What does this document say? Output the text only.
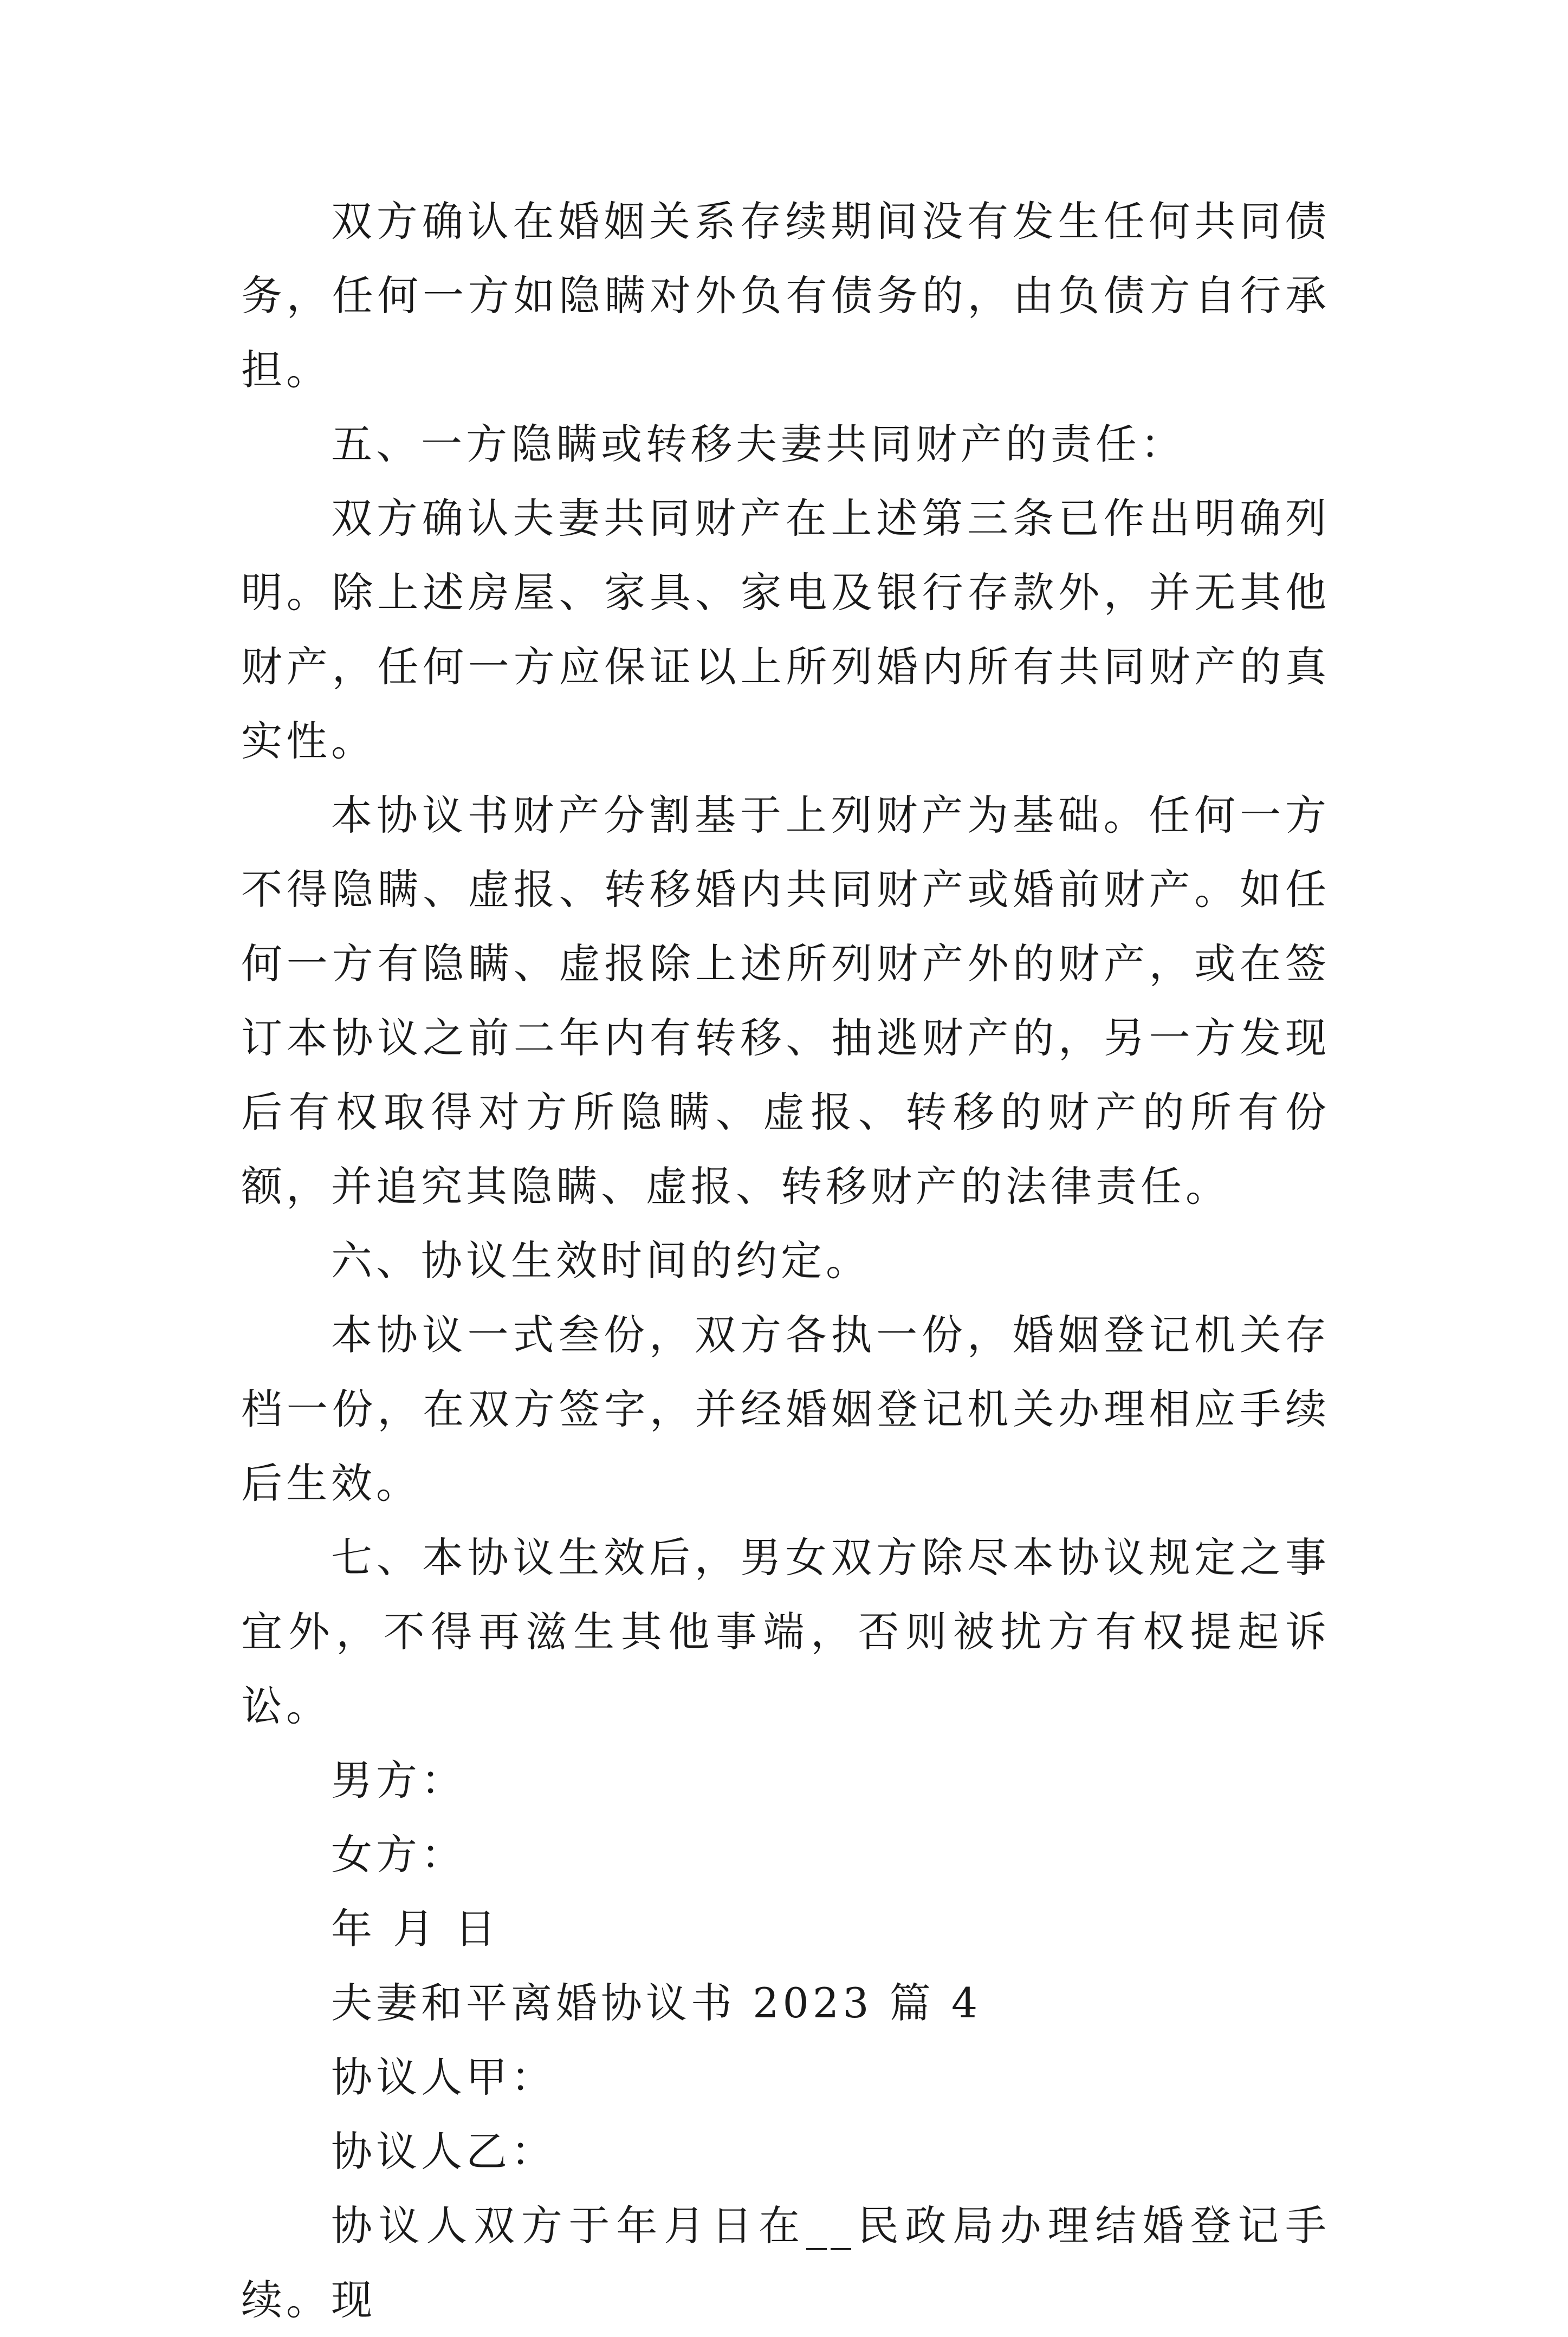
双方确认在婚姻关系存续期间没有发生任何共同债务，任何一方如隐瞒对外负有债务的，由负债方自行承担。

五、一方隐瞒或转移夫妻共同财产的责任：

双方确认夫妻共同财产在上述第三条已作出明确列明。除上述房屋、家具、家电及银行存款外，并无其他财产，任何一方应保证以上所列婚内所有共同财产的真实性。

本协议书财产分割基于上列财产为基础。任何一方不得隐瞒、虚报、转移婚内共同财产或婚前财产。如任何一方有隐瞒、虚报除上述所列财产外的财产，或在签订本协议之前二年内有转移、抽逃财产的，另一方发现后有权取得对方所隐瞒、虚报、转移的财产的所有份额，并追究其隐瞒、虚报、转移财产的法律责任。

六、协议生效时间的约定。

本协议一式叁份，双方各执一份，婚姻登记机关存档一份，在双方签字，并经婚姻登记机关办理相应手续后生效。

七、本协议生效后，男女双方除尽本协议规定之事宜外，不得再滋生其他事端，否则被扰方有权提起诉讼。

男方：

女方：

年 月 日

夫妻和平离婚协议书 2023 篇 4

协议人甲：

协议人乙：

协议人双方于年月日在__民政局办理结婚登记手续。现
